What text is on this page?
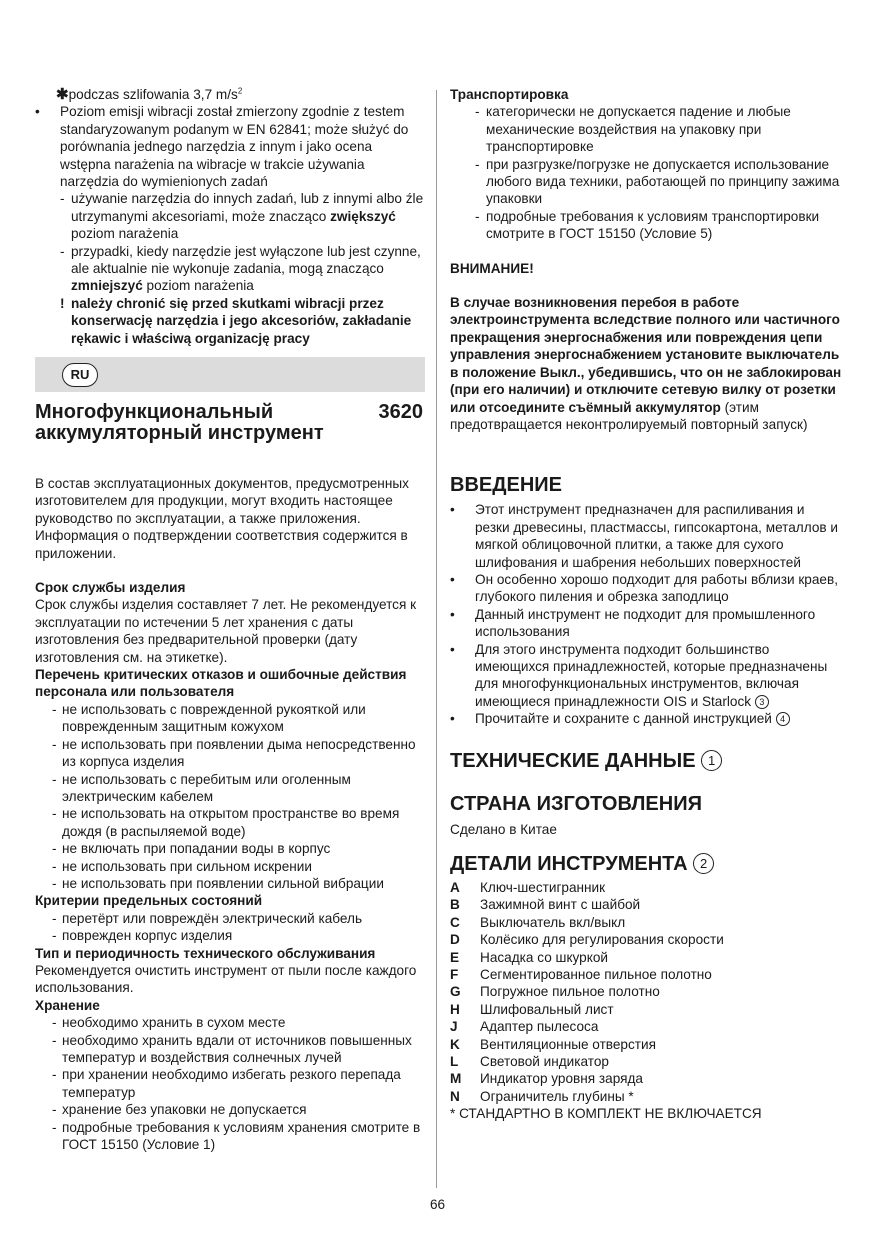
✱podczas szlifowania 3,7 $m/s^2$

• Poziom emisji wibracji został zmierzony zgodnie z testem standaryzowanym podanym w EN 62841; może służyć do porównania jednego narzędzia z innym i jako ocena wstępna narażenia na wibracje w trakcie używania narzędzia do wymienionych zadań

- używanie narzędzia do innych zadań, lub z innymi albo źle utrzymanymi akcesoriami, może znacząco zwiększyć poziom narażenia

- przypadki, kiedy narzędzie jest wyłączone lub jest czynne, ale aktualnie nie wykonuje zadania, mogą znacząco zmniejszyć poziom narażenia

! należy chronić się przed skutkami wibracji przez konserwację narzędzia i jego akcesoriów, zakładanie rękawic i właściwą organizację pracy

RU

Многофункциональный аккумуляторный инструмент

3620

В состав эксплуатационных документов, предусмотренных изготовителем для продукции, могут входить настоящее руководство по эксплуатации, а также приложения.

Информация о подтверждении соответствия содержится в приложении.

Срок службы изделия

Срок службы изделия составляет 7 лет. Не рекомендуется к эксплуатации по истечении 5 лет хранения с даты изготовления без предварительной проверки (дату изготовления см. на этикетке).

Перечень критических отказов и ошибочные действия персонала или пользователя

- не использовать с поврежденной рукояткой или поврежденным защитным кожухом
- не использовать при появлении дыма непосредственно из корпуса изделия
- не использовать с перебитым или оголенным электрическим кабелем
- не использовать на открытом пространстве во время дождя (в распыляемой воде)
- не включать при попадании воды в корпус
- не использовать при сильном искрении
- не использовать при появлении сильной вибрации

Критерии предельных состояний

- перетёрт или повреждён электрический кабель
- поврежден корпус изделия

Тип и периодичность технического обслуживания

Рекомендуется очистить инструмент от пыли после каждого использования.

Хранение

- необходимо хранить в сухом месте
- необходимо хранить вдали от источников повышенных температур и воздействия солнечных лучей
- при хранении необходимо избегать резкого перепада температур
- хранение без упаковки не допускается
- подробные требования к условиям хранения смотрите в ГОСТ 15150 (Условие 1)

Транспортировка

- категорически не допускается падение и любые механические воздействия на упаковку при транспортировке
- при разгрузке/погрузке не допускается использование любого вида техники, работающей по принципу зажима упаковки
- подробные требования к условиям транспортировки смотрите в ГОСТ 15150 (Условие 5)

ВНИМАНИЕ!

В случае возникновения перебоя в работе электроинструмента вследствие полного или частичного прекращения энергоснабжения или повреждения цепи управления энергоснабжением установите выключатель в положение Выкл., убедившись, что он не заблокирован (при его наличии) и отключите сетевую вилку от розетки или отсоедините съёмный аккумулятор (этим предотвращается неконтролируемый повторный запуск)

ВВЕДЕНИЕ

• Этот инструмент предназначен для распиливания и резки древесины, пластмассы, гипсокартона, металлов и мягкой облицовочной плитки, а также для сухого шлифования и шабрения небольших поверхностей
• Он особенно хорошо подходит для работы вблизи краев, глубокого пиления и обрезка заподлицо
• Данный инструмент не подходит для промышленного использования
• Для этого инструмента подходит большинство имеющихся принадлежностей, которые предназначены для многофункциональных инструментов, включая имеющиеся принадлежности OIS и Starlock 3
• Прочитайте и сохраните с данной инструкцией 4

ТЕХНИЧЕСКИЕ ДАННЫЕ 1

СТРАНА ИЗГОТОВЛЕНИЯ

Сделано в Китае

ДЕТАЛИ ИНСТРУМЕНТА 2

A Ключ-шестигранник
B Зажимной винт с шайбой
C Выключатель вкл/выкл
D Колёсико для регулирования скорости
E Насадка со шкуркой
F Сегментированное пильное полотно
G Погружное пильное полотно
H Шлифовальный лист
J Адаптер пылесоса
K Вентиляционные отверстия
L Световой индикатор
M Индикатор уровня заряда
N Ограничитель глубины *

* СТАНДАРТНО В КОМПЛЕКТ НЕ ВКЛЮЧАЕТСЯ

66
